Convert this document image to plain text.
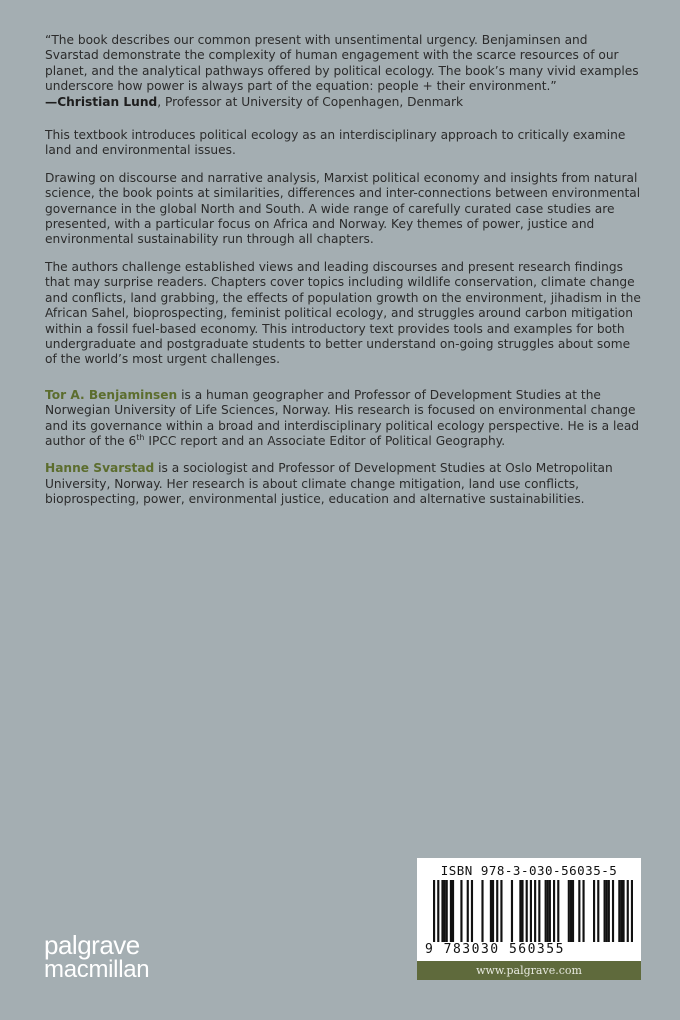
“The book describes our common present with unsentimental urgency. Benjaminsen and Svarstad demonstrate the complexity of human engagement with the scarce resources of our planet, and the analytical pathways offered by political ecology. The book’s many vivid examples underscore how power is always part of the equation: people + their environment.”
—Christian Lund, Professor at University of Copenhagen, Denmark

This textbook introduces political ecology as an interdisciplinary approach to critically examine land and environmental issues.

Drawing on discourse and narrative analysis, Marxist political economy and insights from natural science, the book points at similarities, differences and inter-connections between environmental governance in the global North and South. A wide range of carefully curated case studies are presented, with a particular focus on Africa and Norway. Key themes of power, justice and environmental sustainability run through all chapters.

The authors challenge established views and leading discourses and present research findings that may surprise readers. Chapters cover topics including wildlife conservation, climate change and conflicts, land grabbing, the effects of population growth on the environment, jihadism in the African Sahel, bioprospecting, feminist political ecology, and struggles around carbon mitigation within a fossil fuel-based economy. This introductory text provides tools and examples for both undergraduate and postgraduate students to better understand on-going struggles about some of the world’s most urgent challenges.

Tor A. Benjaminsen is a human geographer and Professor of Development Studies at the Norwegian University of Life Sciences, Norway. His research is focused on environmental change and its governance within a broad and interdisciplinary political ecology perspective. He is a lead author of the 6th IPCC report and an Associate Editor of Political Geography.

Hanne Svarstad is a sociologist and Professor of Development Studies at Oslo Metropolitan University, Norway. Her research is about climate change mitigation, land use conflicts, bioprospecting, power, environmental justice, education and alternative sustainabilities.

ISBN 978-3-030-56035-5
9 783030 560355
www.palgrave.com
palgrave
macmillan
